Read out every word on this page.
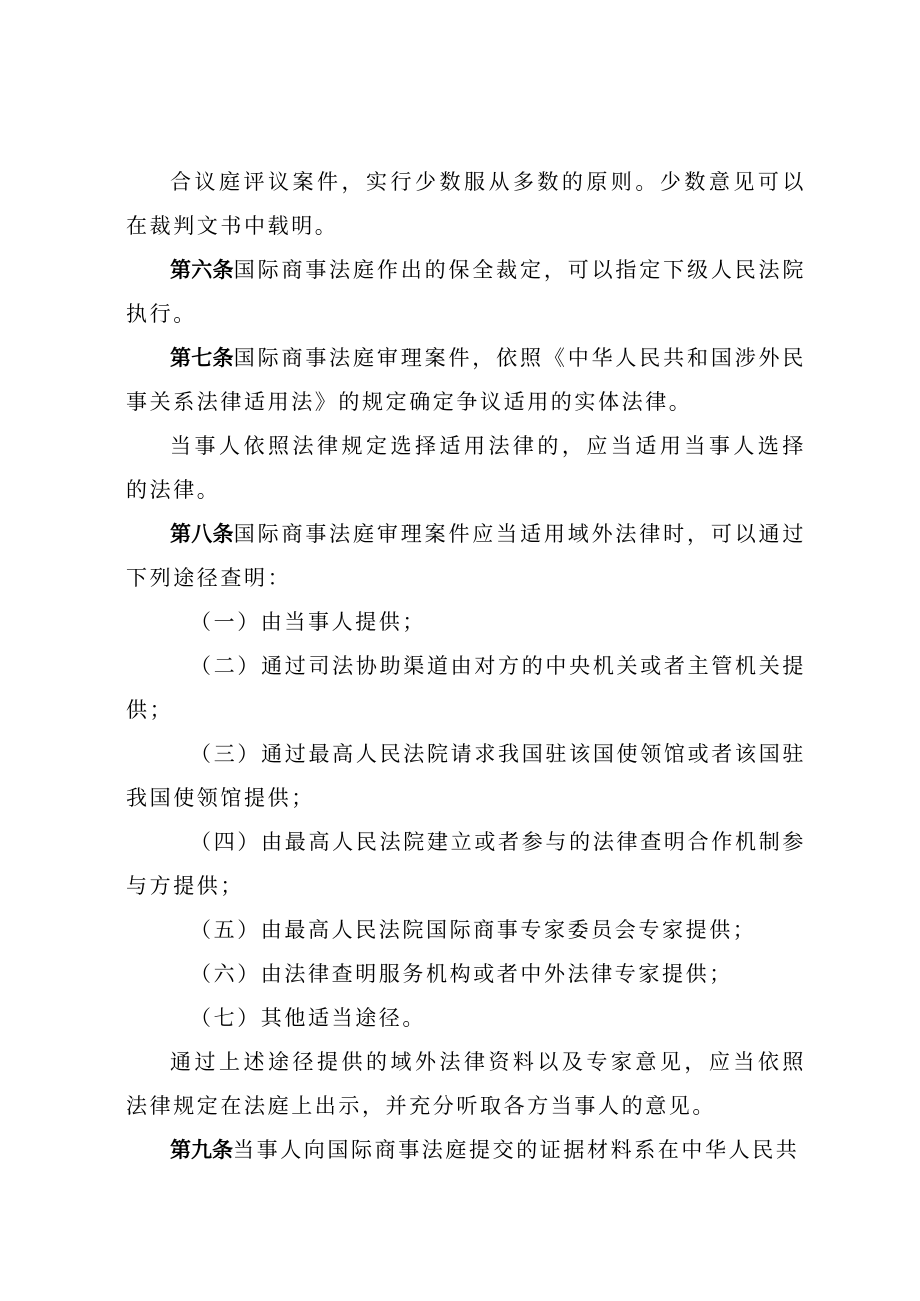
合议庭评议案件，实行少数服从多数的原则。少数意见可以在裁判文书中载明。

第六条国际商事法庭作出的保全裁定，可以指定下级人民法院执行。

第七条国际商事法庭审理案件，依照《中华人民共和国涉外民事关系法律适用法》的规定确定争议适用的实体法律。

当事人依照法律规定选择适用法律的，应当适用当事人选择的法律。

第八条国际商事法庭审理案件应当适用域外法律时，可以通过下列途径查明：

（一）由当事人提供；

（二）通过司法协助渠道由对方的中央机关或者主管机关提供；

（三）通过最高人民法院请求我国驻该国使领馆或者该国驻我国使领馆提供；

（四）由最高人民法院建立或者参与的法律查明合作机制参与方提供；

（五）由最高人民法院国际商事专家委员会专家提供；

（六）由法律查明服务机构或者中外法律专家提供；

（七）其他适当途径。

通过上述途径提供的域外法律资料以及专家意见，应当依照法律规定在法庭上出示，并充分听取各方当事人的意见。

第九条当事人向国际商事法庭提交的证据材料系在中华人民共
